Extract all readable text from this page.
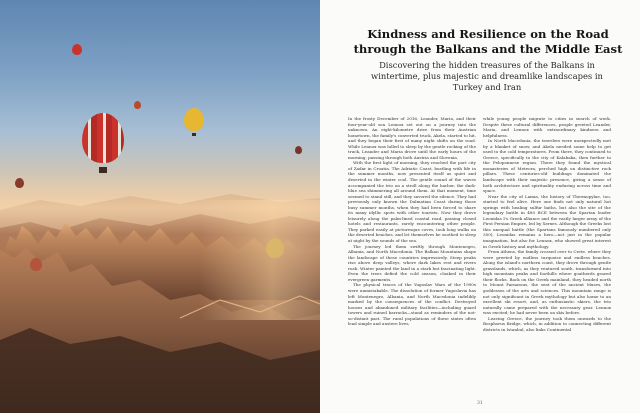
Kindness and Resilience on the Road through the Balkans and the Middle East

Discovering the hidden treasures of the Balkans in wintertime, plus majestic and dreamlike landscapes in Turkey and Iran

In the frosty December of 2016, Leander, Maria, and their four-year-old son Lennox set out on a journey into the unknown. An eight-kilometre drive from their Austrian hometown, the family's converted truck, Akela, started to hit, and they began their first of many night shifts on the road. While Lennox was lulled to sleep by the gentle rocking of the truck, Leander and Maria drove until the early hours of the morning, passing through both Austria and Slovenia.

With the first light of morning, they reached the port city of Zadar in Croatia. The Adriatic Coast, bustling with life in the summer months, now presented itself as quiet and deserted in the winter cool. The gentle sound of the waves accompanied the trio on a stroll along the harbor, the dark-blue sea shimmering all around them. At that moment, time seemed to stand still, and they savored the silence. They had previously only known the Dalmatian Coast during those busy summer months, when they had been forced to share its many idyllic spots with other tourists. Now they drove leisurely along the palm-lined coastal road, passing closed hotels and restaurants, rarely encountering other people. They parked easily at picturesque coves, took long walks on the deserted beaches, and let themselves be soothed to sleep at night by the sounds of the sea.

The journey led them swiftly through Montenegro, Albania, and North Macedonia. The Balkan Mountains shape the landscape of these countries impressively. Steep peaks rise above deep valleys, where dark lakes rest and rivers rush. Winter painted the land in a stark but fascinating light. Even the trees defied the cold season, cloaked in their evergreen garments.

The physical traces of the Yugoslav Wars of the 1990s were unmistakable. The dissolution of former Yugoslavia has left Montenegro, Albania, and North Macedonia indelibly marked by the consequences of the conflict. Destroyed houses and abandoned military facilities—including guard towers and ruined barracks—stand as reminders of the not-so-distant past. The rural populations of these states often lead simple and austere lives,

while young people migrate to cities in search of work. Despite these cultural differences, people greeted Leander, Maria, and Lennox with extraordinary kindness and helpfulness.

In North Macedonia, the travelers were unexpectedly met by a blanket of snow, and Akela needed some help to get used to the cold temperatures. From there, they continued to Greece, specifically to the city of Kalabaka, then further to the Peloponnese region. There they found the mystical monasteries of Meteora, perched high on distinctive rock pillars. These centuries-old buildings dominated the landscape with their majestic presence, giving a sense of both architecture and spirituality enduring across time and space.

Near the city of Lamia, the history of Thermopylae, too, started to feel alive. Here one finds not only natural hot springs with healing sulfur baths, but also the site of the legendary battle in 480 BCE between the Spartan leader Leonidas I's Greek alliance and the vastly larger army of the First Persian Empire, led by Xerxes. Although the Greeks lost this unequal battle (the Spartans famously numbered only 300), Leonidas remains a hero—not just in the popular imagination, but also for Lennox, who showed great interest in Greek history and mythology.

From Athens, the family crossed over to Crete, where they were greeted by endless turquoise and endless beaches. Along the island's northern coast, they drove through gentle grasslands, which, as they ventured south, transformed into high mountain peaks and foothills where goatherds grazed their flocks. Back on the Greek mainland, they headed north to Mount Parnassus, the seat of the ancient Muses, the goddesses of the arts and sciences. This mountain range is not only significant in Greek mythology but also home to an excellent ski resort, and, as enthusiastic skiers, the trio naturally came prepared with the necessary gear. Lennox was excited; he had never been on skis before.

Leaving Greece, the journey took them onwards to the Bosphorus Bridge, which, in addition to connecting different districts in Istanbul, also links Continental

31
